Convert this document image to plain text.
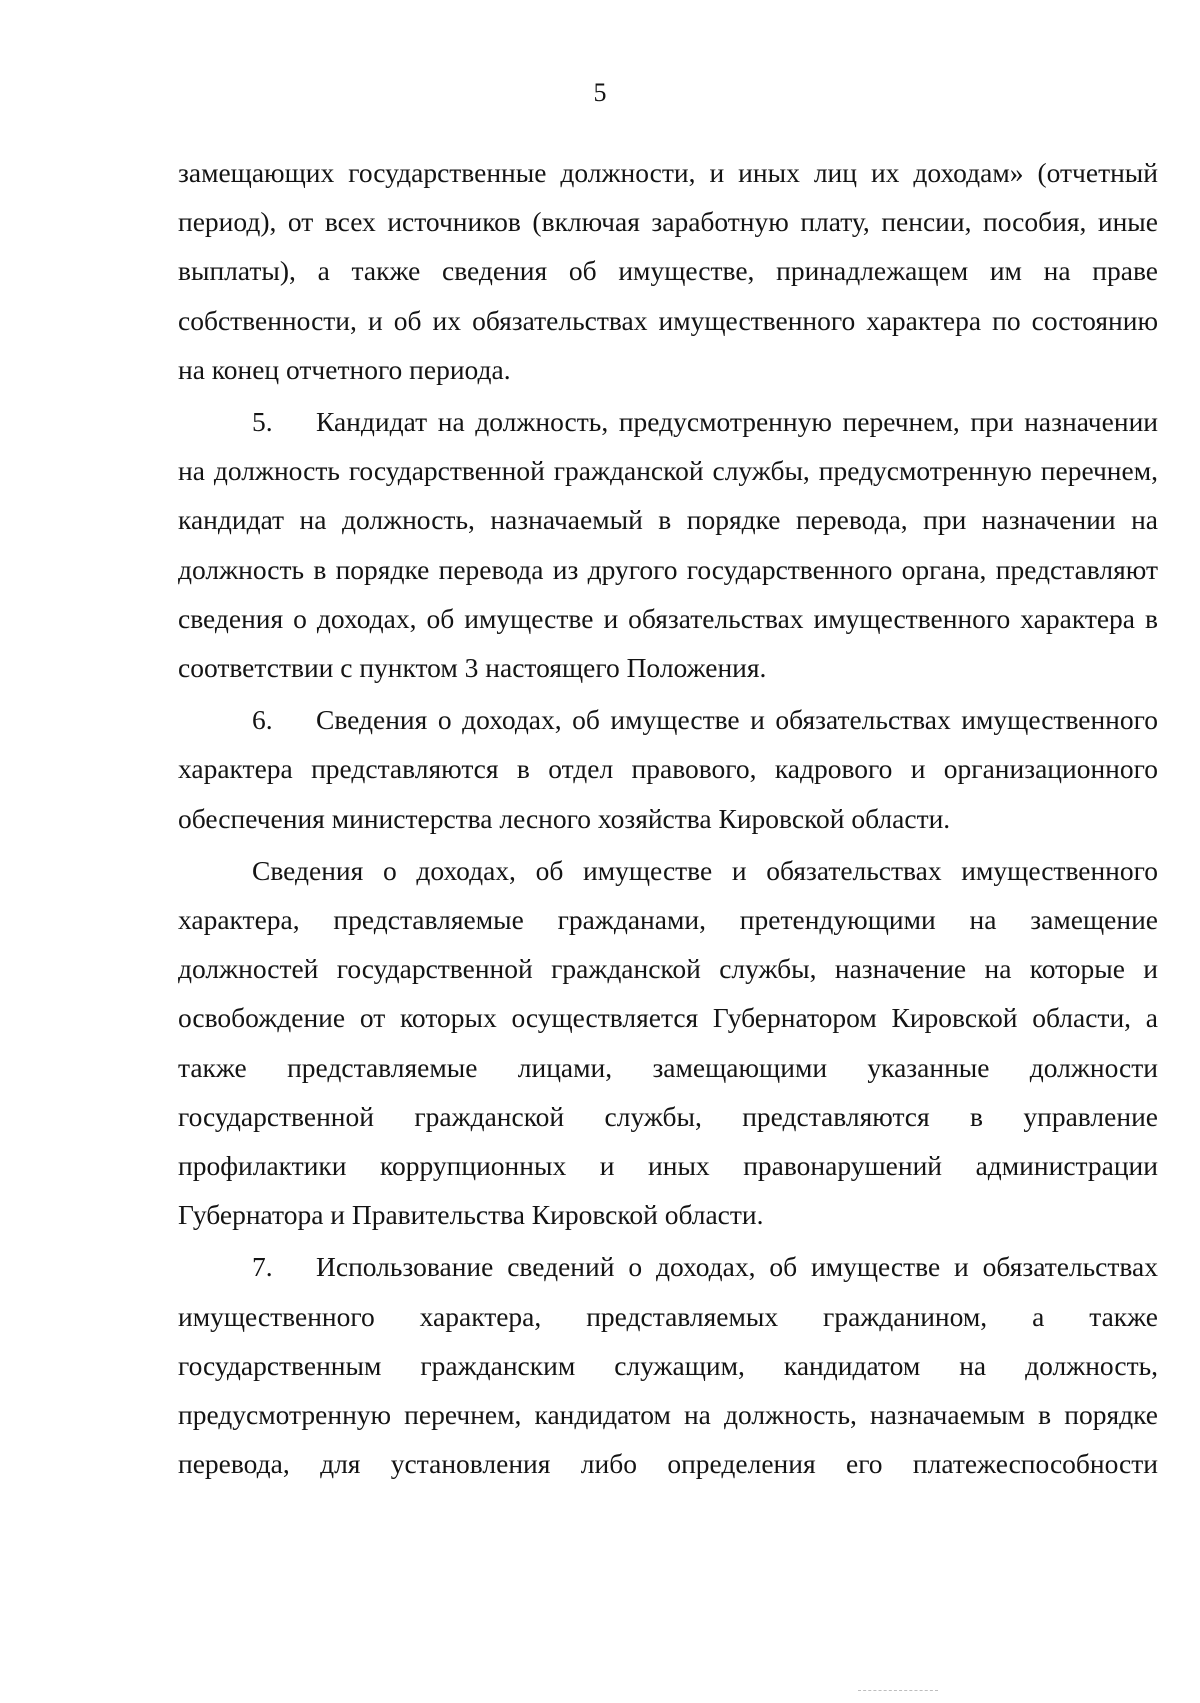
5

замещающих государственные должности, и иных лиц их доходам» (отчетный период), от всех источников (включая заработную плату, пенсии, пособия, иные выплаты), а также сведения об имуществе, принадлежащем им на праве собственности, и об их обязательствах имущественного характера по состоянию на конец отчетного периода.

5. Кандидат на должность, предусмотренную перечнем, при назначении на должность государственной гражданской службы, предусмотренную перечнем, кандидат на должность, назначаемый в порядке перевода, при назначении на должность в порядке перевода из другого государственного органа, представляют сведения о доходах, об имуществе и обязательствах имущественного характера в соответствии с пунктом 3 настоящего Положения.

6. Сведения о доходах, об имуществе и обязательствах имущественного характера представляются в отдел правового, кадрового и организационного обеспечения министерства лесного хозяйства Кировской области.

Сведения о доходах, об имуществе и обязательствах имущественного характера, представляемые гражданами, претендующими на замещение должностей государственной гражданской службы, назначение на которые и освобождение от которых осуществляется Губернатором Кировской области, а также представляемые лицами, замещающими указанные должности государственной гражданской службы, представляются в управление профилактики коррупционных и иных правонарушений администрации Губернатора и Правительства Кировской области.

7. Использование сведений о доходах, об имуществе и обязательствах имущественного характера, представляемых гражданином, а также государственным гражданским служащим, кандидатом на должность, предусмотренную перечнем, кандидатом на должность, назначаемым в порядке перевода, для установления либо определения его платежеспособности
